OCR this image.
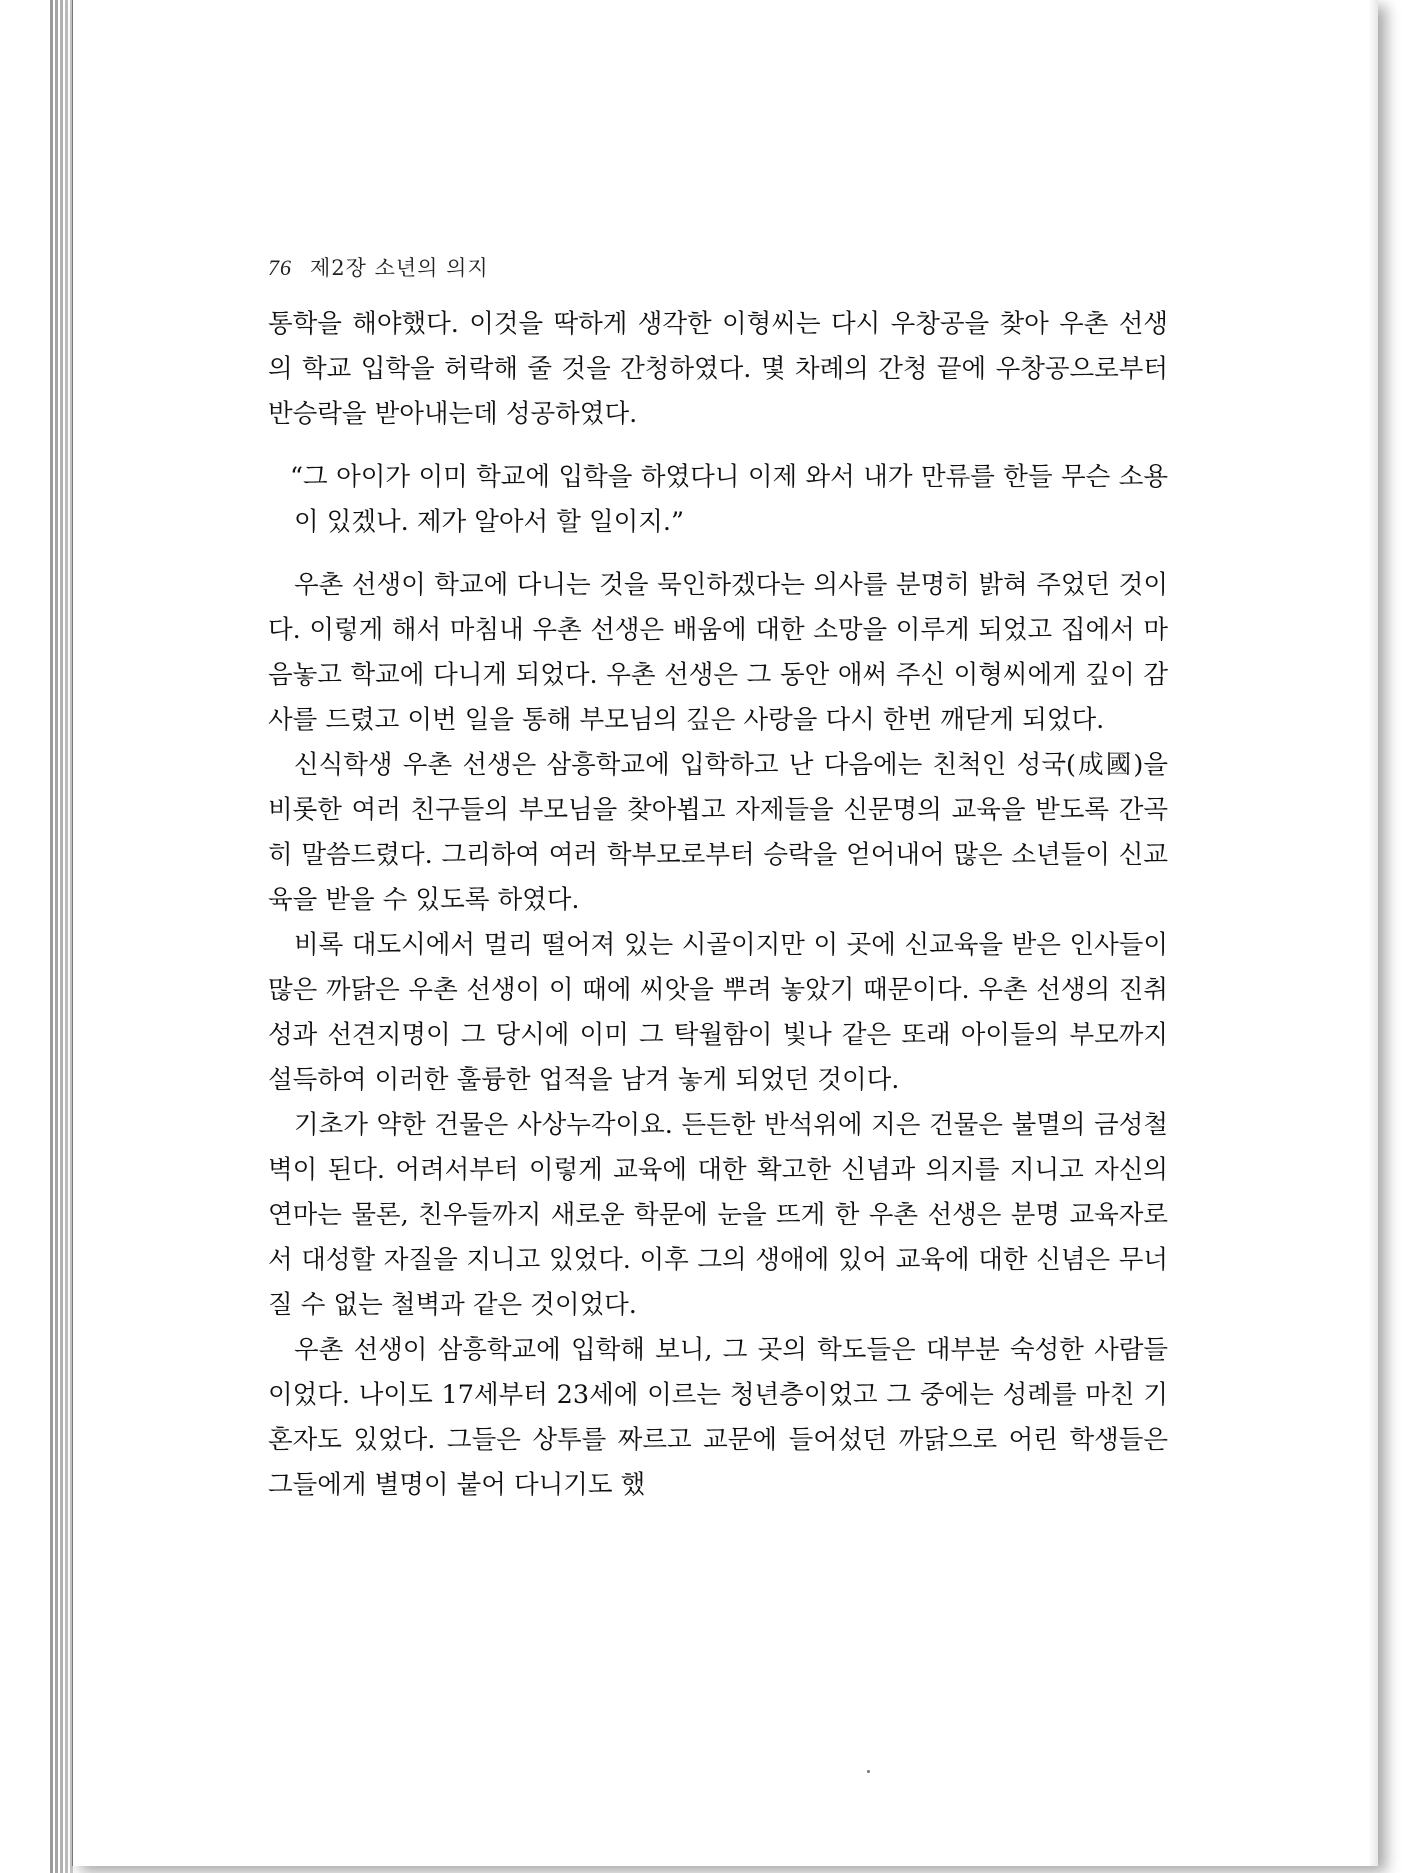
76 제2장 소년의 의지

통학을 해야했다. 이것을 딱하게 생각한 이형씨는 다시 우창공을 찾아 우촌 선생의 학교 입학을 허락해 줄 것을 간청하였다. 몇 차례의 간청 끝에 우창공으로부터 반승락을 받아내는데 성공하였다.

“그 아이가 이미 학교에 입학을 하였다니 이제 와서 내가 만류를 한들 무슨 소용이 있겠나. 제가 알아서 할 일이지.”

우촌 선생이 학교에 다니는 것을 묵인하겠다는 의사를 분명히 밝혀 주었던 것이다. 이렇게 해서 마침내 우촌 선생은 배움에 대한 소망을 이루게 되었고 집에서 마음놓고 학교에 다니게 되었다. 우촌 선생은 그 동안 애써 주신 이형씨에게 깊이 감사를 드렸고 이번 일을 통해 부모님의 깊은 사랑을 다시 한번 깨닫게 되었다.

신식학생 우촌 선생은 삼흥학교에 입학하고 난 다음에는 친척인 성국(成國)을 비롯한 여러 친구들의 부모님을 찾아뵙고 자제들을 신문명의 교육을 받도록 간곡히 말씀드렸다. 그리하여 여러 학부모로부터 승락을 얻어내어 많은 소년들이 신교육을 받을 수 있도록 하였다.

비록 대도시에서 멀리 떨어져 있는 시골이지만 이 곳에 신교육을 받은 인사들이 많은 까닭은 우촌 선생이 이 때에 씨앗을 뿌려 놓았기 때문이다. 우촌 선생의 진취성과 선견지명이 그 당시에 이미 그 탁월함이 빛나 같은 또래 아이들의 부모까지 설득하여 이러한 훌륭한 업적을 남겨 놓게 되었던 것이다.

기초가 약한 건물은 사상누각이요. 든든한 반석위에 지은 건물은 불멸의 금성철벽이 된다. 어려서부터 이렇게 교육에 대한 확고한 신념과 의지를 지니고 자신의 연마는 물론, 친우들까지 새로운 학문에 눈을 뜨게 한 우촌 선생은 분명 교육자로서 대성할 자질을 지니고 있었다. 이후 그의 생애에 있어 교육에 대한 신념은 무너질 수 없는 철벽과 같은 것이었다.

우촌 선생이 삼흥학교에 입학해 보니, 그 곳의 학도들은 대부분 숙성한 사람들이었다. 나이도 17세부터 23세에 이르는 청년층이었고 그 중에는 성례를 마친 기혼자도 있었다. 그들은 상투를 짜르고 교문에 들어섰던 까닭으로 어린 학생들은 그들에게 별명이 붙어 다니기도 했
